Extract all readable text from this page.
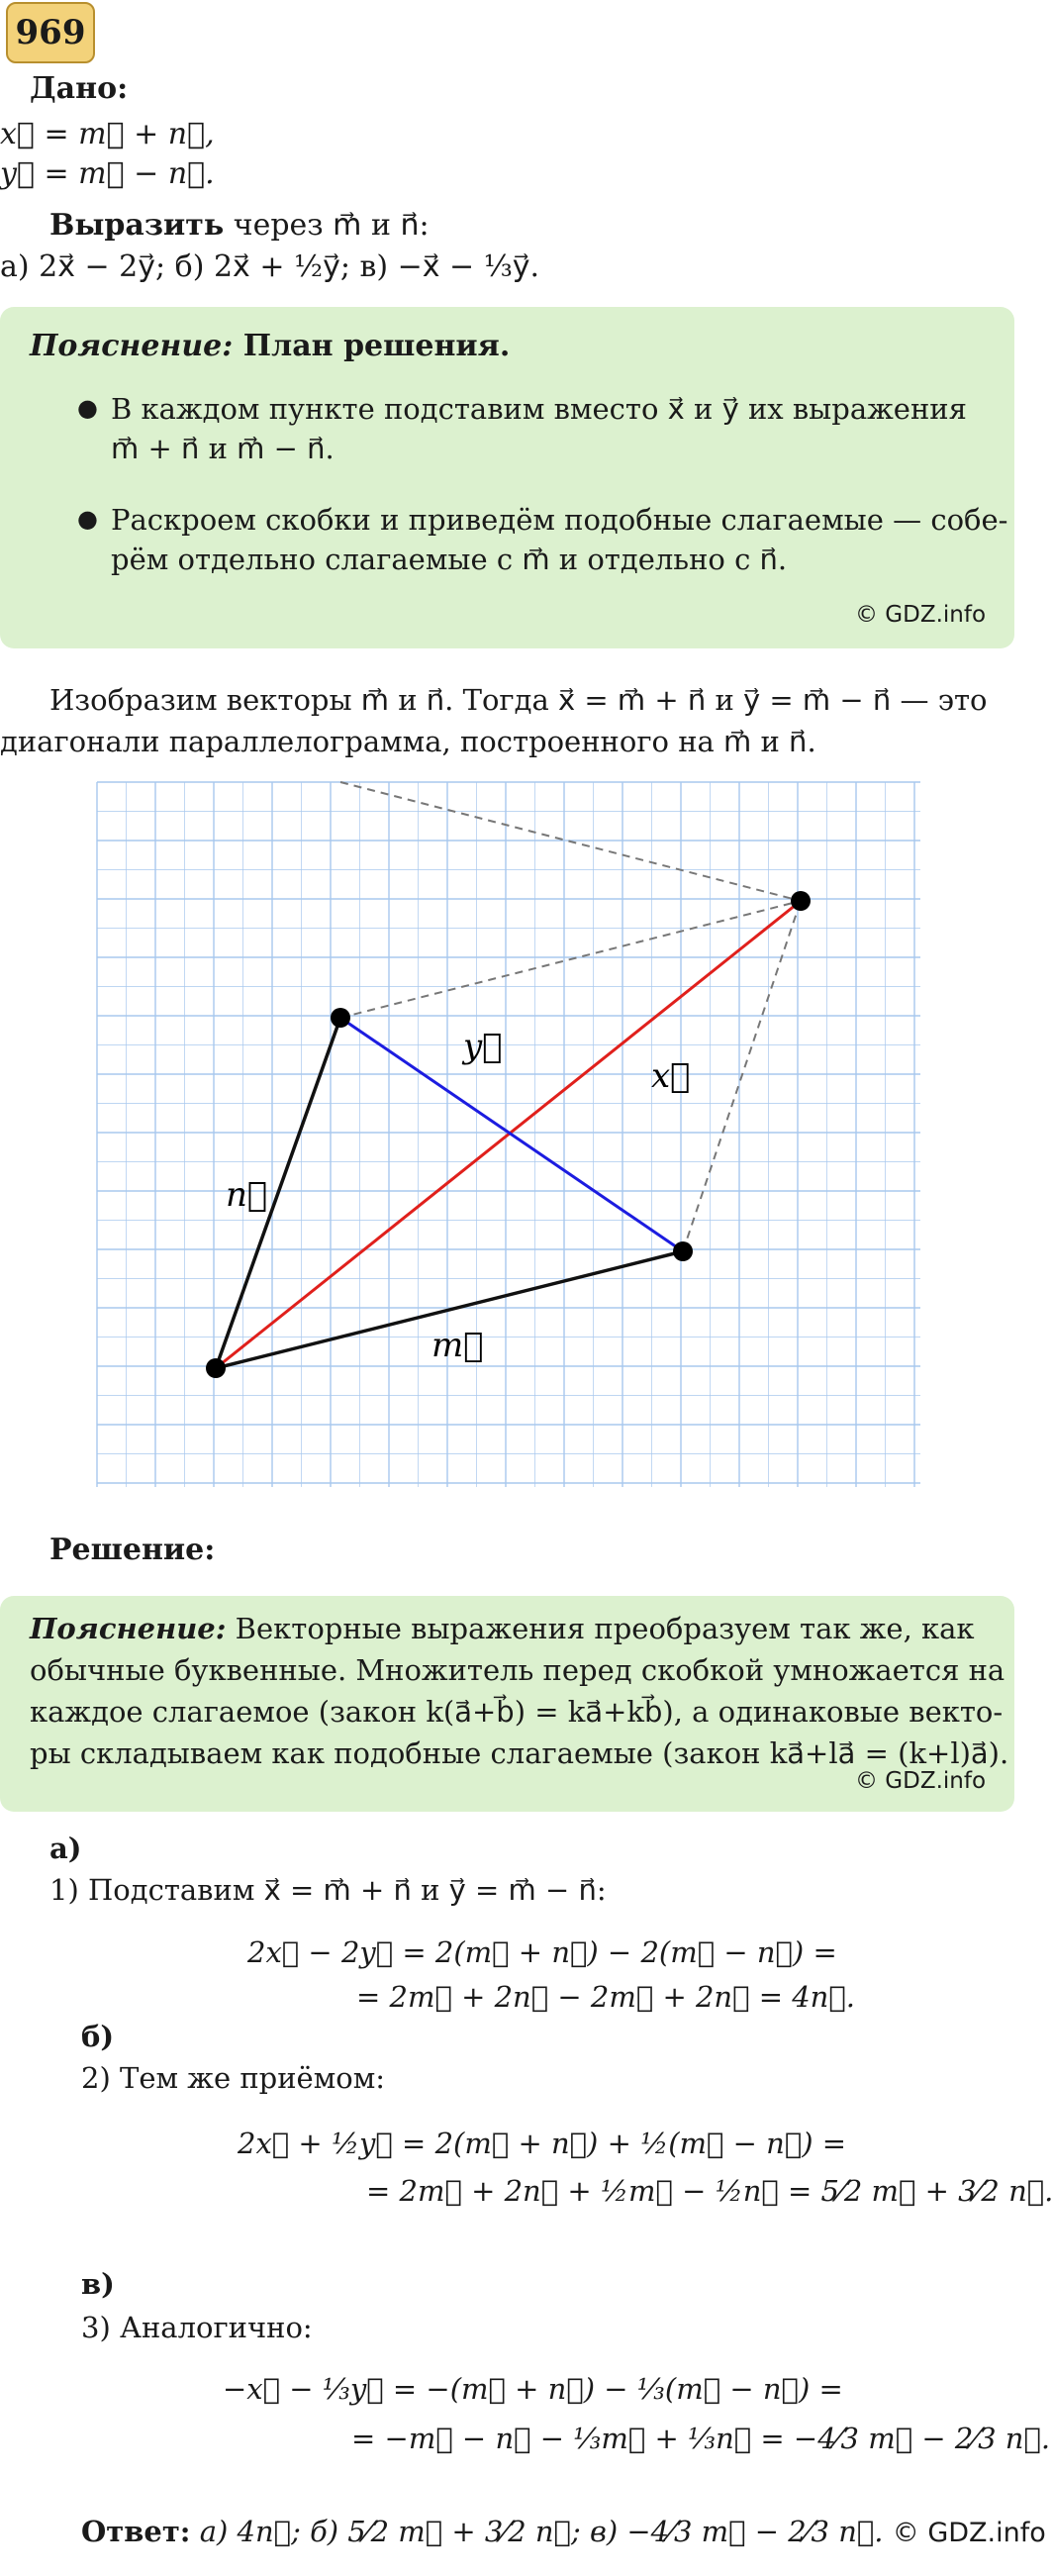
969
Дано:
x⃗ = m⃗ + n⃗,
y⃗ = m⃗ − n⃗.
Выразить через m⃗ и n⃗:
а) 2x⃗ − 2y⃗; б) 2x⃗ + ½y⃗; в) −x⃗ − ⅓y⃗.
Пояснение: План решения.
● В каждом пункте подставим вместо x⃗ и y⃗ их выражения
m⃗ + n⃗ и m⃗ − n⃗.
● Раскроем скобки и приведём подобные слагаемые — собе-
рём отдельно слагаемые с m⃗ и отдельно с n⃗.
© GDZ.info
Изобразим векторы m⃗ и n⃗. Тогда x⃗ = m⃗ + n⃗ и y⃗ = m⃗ − n⃗ — это
диагонали параллелограмма, построенного на m⃗ и n⃗.
n⃗
m⃗
x⃗
y⃗
Решение:
Пояснение: Векторные выражения преобразуем так же, как
обычные буквенные. Множитель перед скобкой умножается на
каждое слагаемое (закон k(a⃗+b⃗) = ka⃗+kb⃗), а одинаковые векто-
ры складываем как подобные слагаемые (закон ka⃗+la⃗ = (k+l)a⃗).
© GDZ.info
а)
1) Подставим x⃗ = m⃗ + n⃗ и y⃗ = m⃗ − n⃗:
2x⃗ − 2y⃗ = 2(m⃗ + n⃗) − 2(m⃗ − n⃗) =
= 2m⃗ + 2n⃗ − 2m⃗ + 2n⃗ = 4n⃗.
б)
2) Тем же приёмом:
2x⃗ + ½y⃗ = 2(m⃗ + n⃗) + ½(m⃗ − n⃗) =
= 2m⃗ + 2n⃗ + ½m⃗ − ½n⃗ = 5⁄2 m⃗ + 3⁄2 n⃗.
в)
3) Аналогично:
−x⃗ − ⅓y⃗ = −(m⃗ + n⃗) − ⅓(m⃗ − n⃗) =
= −m⃗ − n⃗ − ⅓m⃗ + ⅓n⃗ = −4⁄3 m⃗ − 2⁄3 n⃗.
Ответ: а) 4n⃗; б) 5⁄2 m⃗ + 3⁄2 n⃗; в) −4⁄3 m⃗ − 2⁄3 n⃗. © GDZ.info
